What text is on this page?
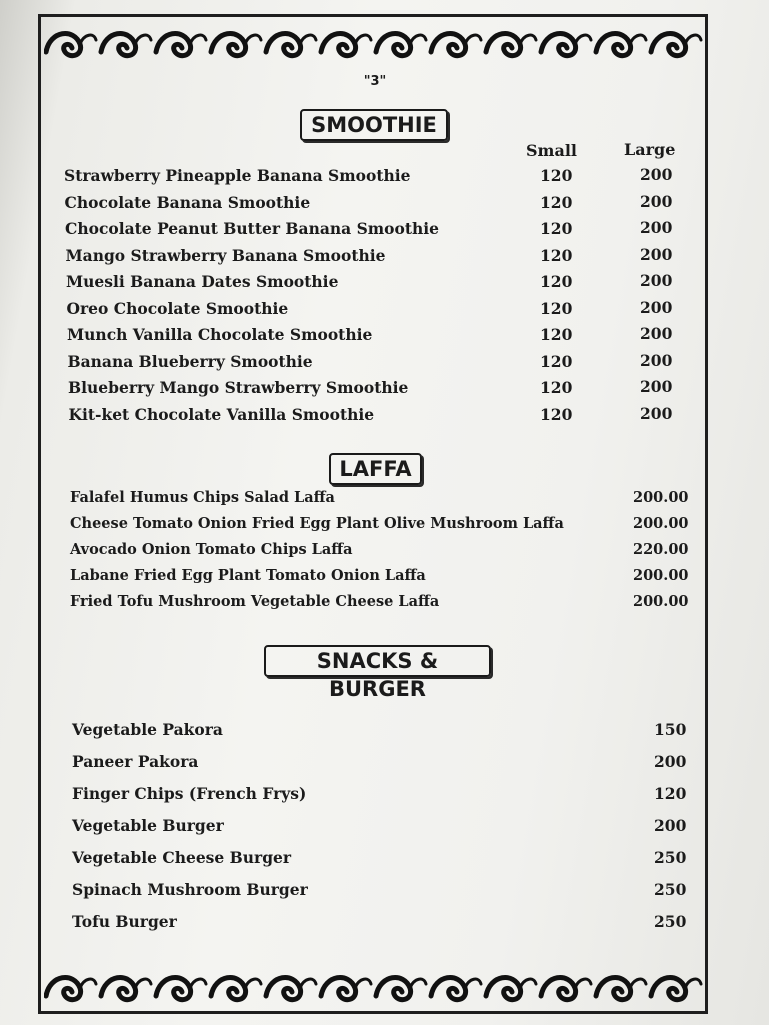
"3"
SMOOTHIE
Small	Large
Strawberry Pineapple Banana Smoothie	120	200
Chocolate Banana Smoothie	120	200
Chocolate Peanut Butter Banana Smoothie	120	200
Mango Strawberry Banana Smoothie	120	200
Muesli Banana Dates Smoothie	120	200
Oreo Chocolate Smoothie	120	200
Munch Vanilla Chocolate Smoothie	120	200
Banana Blueberry Smoothie	120	200
Blueberry Mango Strawberry Smoothie	120	200
Kit-ket Chocolate Vanilla Smoothie	120	200
LAFFA
Falafel Humus Chips Salad Laffa	200.00
Cheese Tomato Onion Fried Egg Plant Olive Mushroom Laffa	200.00
Avocado Onion Tomato Chips Laffa	220.00
Labane Fried Egg Plant Tomato Onion Laffa	200.00
Fried Tofu Mushroom Vegetable Cheese Laffa	200.00
SNACKS & BURGER
Vegetable Pakora	150
Paneer Pakora	200
Finger Chips (French Frys)	120
Vegetable Burger	200
Vegetable Cheese Burger	250
Spinach Mushroom Burger	250
Tofu Burger	250
